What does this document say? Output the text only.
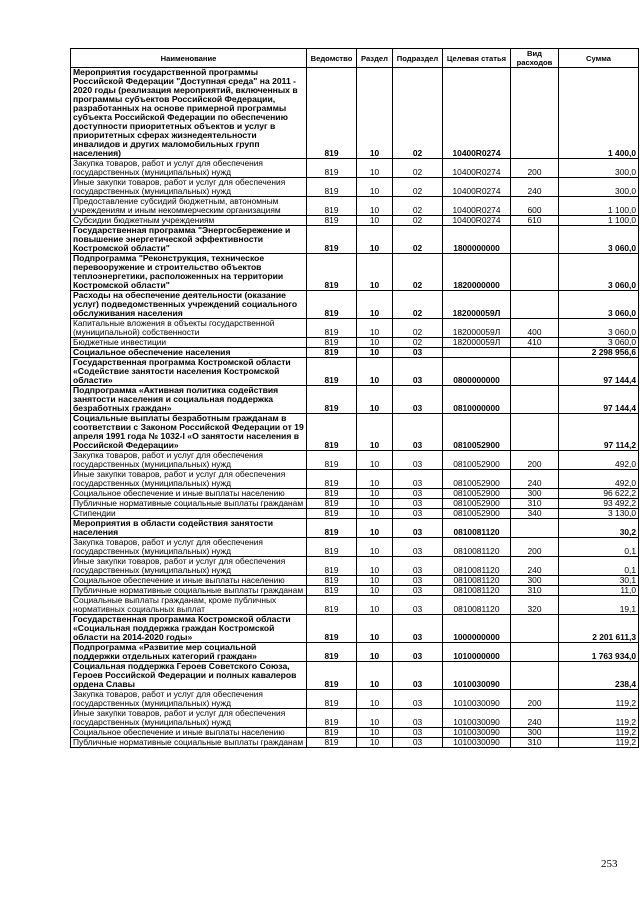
Наименование	Ведомство	Раздел	Подраздел	Целевая статья	Вид расходов	Сумма
Мероприятия государственной программы Российской Федерации "Доступная среда" на 2011 - 2020 годы (реализация мероприятий, включенных в программы субъектов Российской Федерации, разработанных на основе примерной программы субъекта Российской Федерации по обеспечению доступности приоритетных объектов и услуг в приоритетных сферах жизнедеятельности инвалидов и других маломобильных групп населения)	819	10	02	10400R0274		1 400,0
Закупка товаров, работ и услуг для обеспечения государственных (муниципальных) нужд	819	10	02	10400R0274	200	300,0
Иные закупки товаров, работ и услуг для обеспечения государственных (муниципальных) нужд	819	10	02	10400R0274	240	300,0
Предоставление субсидий бюджетным, автономным учреждениям и иным некоммерческим организациям	819	10	02	10400R0274	600	1 100,0
Субсидии бюджетным учреждениям	819	10	02	10400R0274	610	1 100,0
Государственная программа "Энергосбережение и повышение энергетической эффективности Костромской области"	819	10	02	1800000000		3 060,0
Подпрограмма "Реконструкция, техническое перевооружение и строительство объектов теплоэнергетики, расположенных на территории Костромской области"	819	10	02	1820000000		3 060,0
Расходы на обеспечение деятельности (оказание услуг) подведомственных учреждений социального обслуживания населения	819	10	02	182000059Л		3 060,0
Капитальные вложения в объекты государственной (муниципальной) собственности	819	10	02	182000059Л	400	3 060,0
Бюджетные инвестиции	819	10	02	182000059Л	410	3 060,0
Социальное обеспечение населения	819	10	03			2 298 956,6
Государственная программа Костромской области «Содействие занятости населения Костромской области»	819	10	03	0800000000		97 144,4
Подпрограмма «Активная политика содействия занятости населения и социальная поддержка безработных граждан»	819	10	03	0810000000		97 144,4
Социальные выплаты безработным гражданам в соответствии с Законом Российской Федерации от 19 апреля 1991 года № 1032-I «О занятости населения в Российской Федерации»	819	10	03	0810052900		97 114,2
Закупка товаров, работ и услуг для обеспечения государственных (муниципальных) нужд	819	10	03	0810052900	200	492,0
Иные закупки товаров, работ и услуг для обеспечения государственных (муниципальных) нужд	819	10	03	0810052900	240	492,0
Социальное обеспечение и иные выплаты населению	819	10	03	0810052900	300	96 622,2
Публичные нормативные социальные выплаты гражданам	819	10	03	0810052900	310	93 492,2
Стипендии	819	10	03	0810052900	340	3 130,0
Мероприятия в области содействия занятости населения	819	10	03	0810081120		30,2
Закупка товаров, работ и услуг для обеспечения государственных (муниципальных) нужд	819	10	03	0810081120	200	0,1
Иные закупки товаров, работ и услуг для обеспечения государственных (муниципальных) нужд	819	10	03	0810081120	240	0,1
Социальное обеспечение и иные выплаты населению	819	10	03	0810081120	300	30,1
Публичные нормативные социальные выплаты гражданам	819	10	03	0810081120	310	11,0
Социальные выплаты гражданам, кроме публичных нормативных социальных выплат	819	10	03	0810081120	320	19,1
Государственная программа Костромской области «Социальная поддержка граждан Костромской области на 2014-2020 годы»	819	10	03	1000000000		2 201 611,3
Подпрограмма «Развитие мер социальной поддержки отдельных категорий граждан»	819	10	03	1010000000		1 763 934,0
Социальная поддержка Героев Советского Союза, Героев Российской Федерации и полных кавалеров ордена Славы	819	10	03	1010030090		238,4
Закупка товаров, работ и услуг для обеспечения государственных (муниципальных) нужд	819	10	03	1010030090	200	119,2
Иные закупки товаров, работ и услуг для обеспечения государственных (муниципальных) нужд	819	10	03	1010030090	240	119,2
Социальное обеспечение и иные выплаты населению	819	10	03	1010030090	300	119,2
Публичные нормативные социальные выплаты гражданам	819	10	03	1010030090	310	119,2
253
